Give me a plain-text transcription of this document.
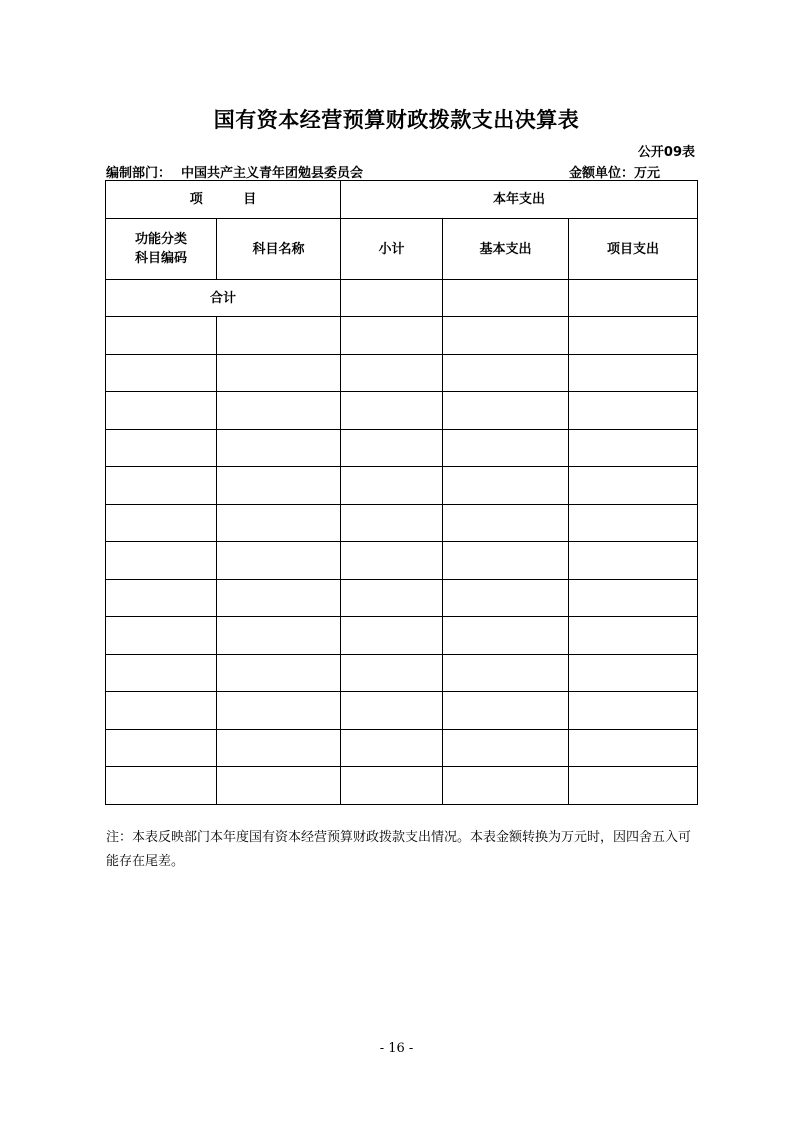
国有资本经营预算财政拨款支出决算表
公开09表
编制部门： 中国共产主义青年团勉县委员会	金额单位：万元
项 目		本年支出		

功能分类
科目编码	科目名称	小计	基本支出	项目支出
合计				

注：本表反映部门本年度国有资本经营预算财政拨款支出情况。本表金额转换为万元时，因四舍五入可能存在尾差。
- 16 -
